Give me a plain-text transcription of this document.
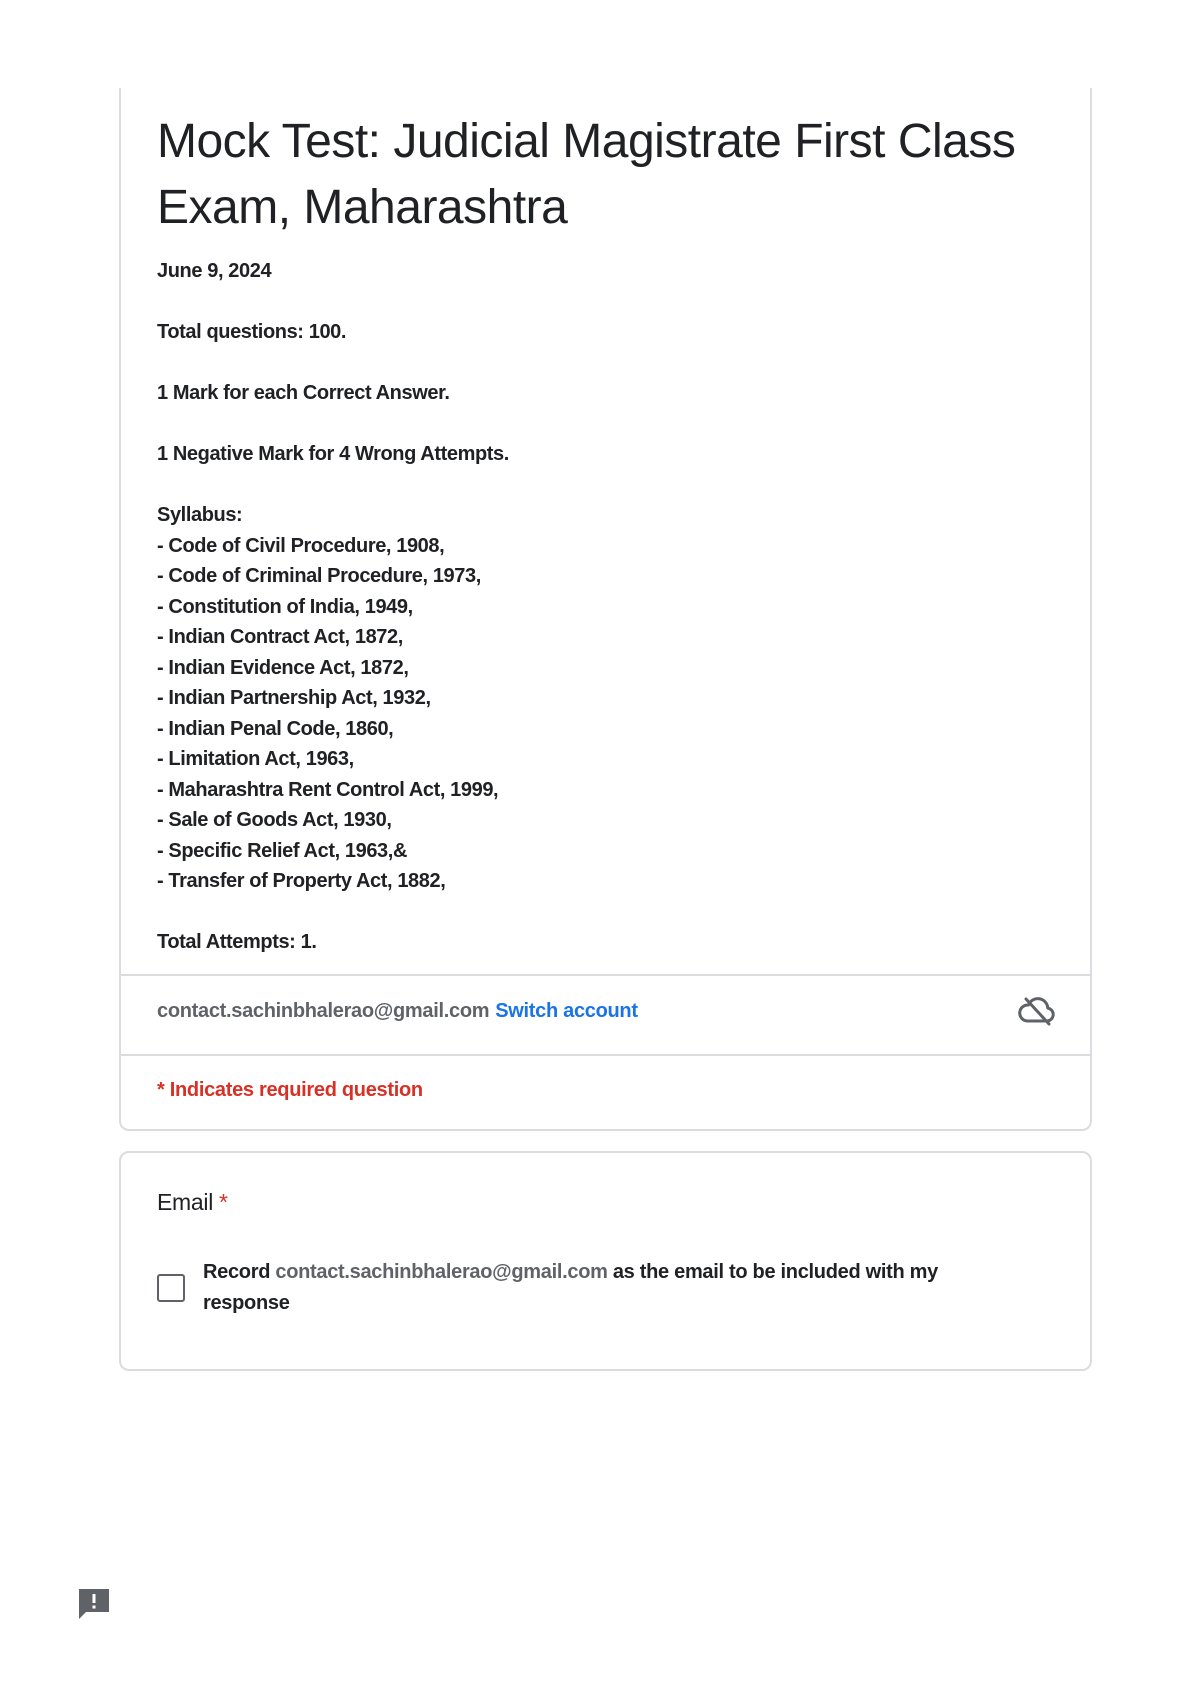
Mock Test: Judicial Magistrate First Class Exam, Maharashtra

June 9, 2024

Total questions: 100.

1 Mark for each Correct Answer.

1 Negative Mark for 4 Wrong Attempts.

Syllabus:

- Code of Civil Procedure, 1908,

- Code of Criminal Procedure, 1973,

- Constitution of India, 1949,

- Indian Contract Act, 1872,

- Indian Evidence Act, 1872,

- Indian Partnership Act, 1932,

- Indian Penal Code, 1860,

- Limitation Act, 1963,

- Maharashtra Rent Control Act, 1999,

- Sale of Goods Act, 1930,

- Specific Relief Act, 1963,&

- Transfer of Property Act, 1882,

Total Attempts: 1.

contact.sachinbhalerao@gmail.com Switch account
* Indicates required question
Email *
Record contact.sachinbhalerao@gmail.com as the email to be included with my response
